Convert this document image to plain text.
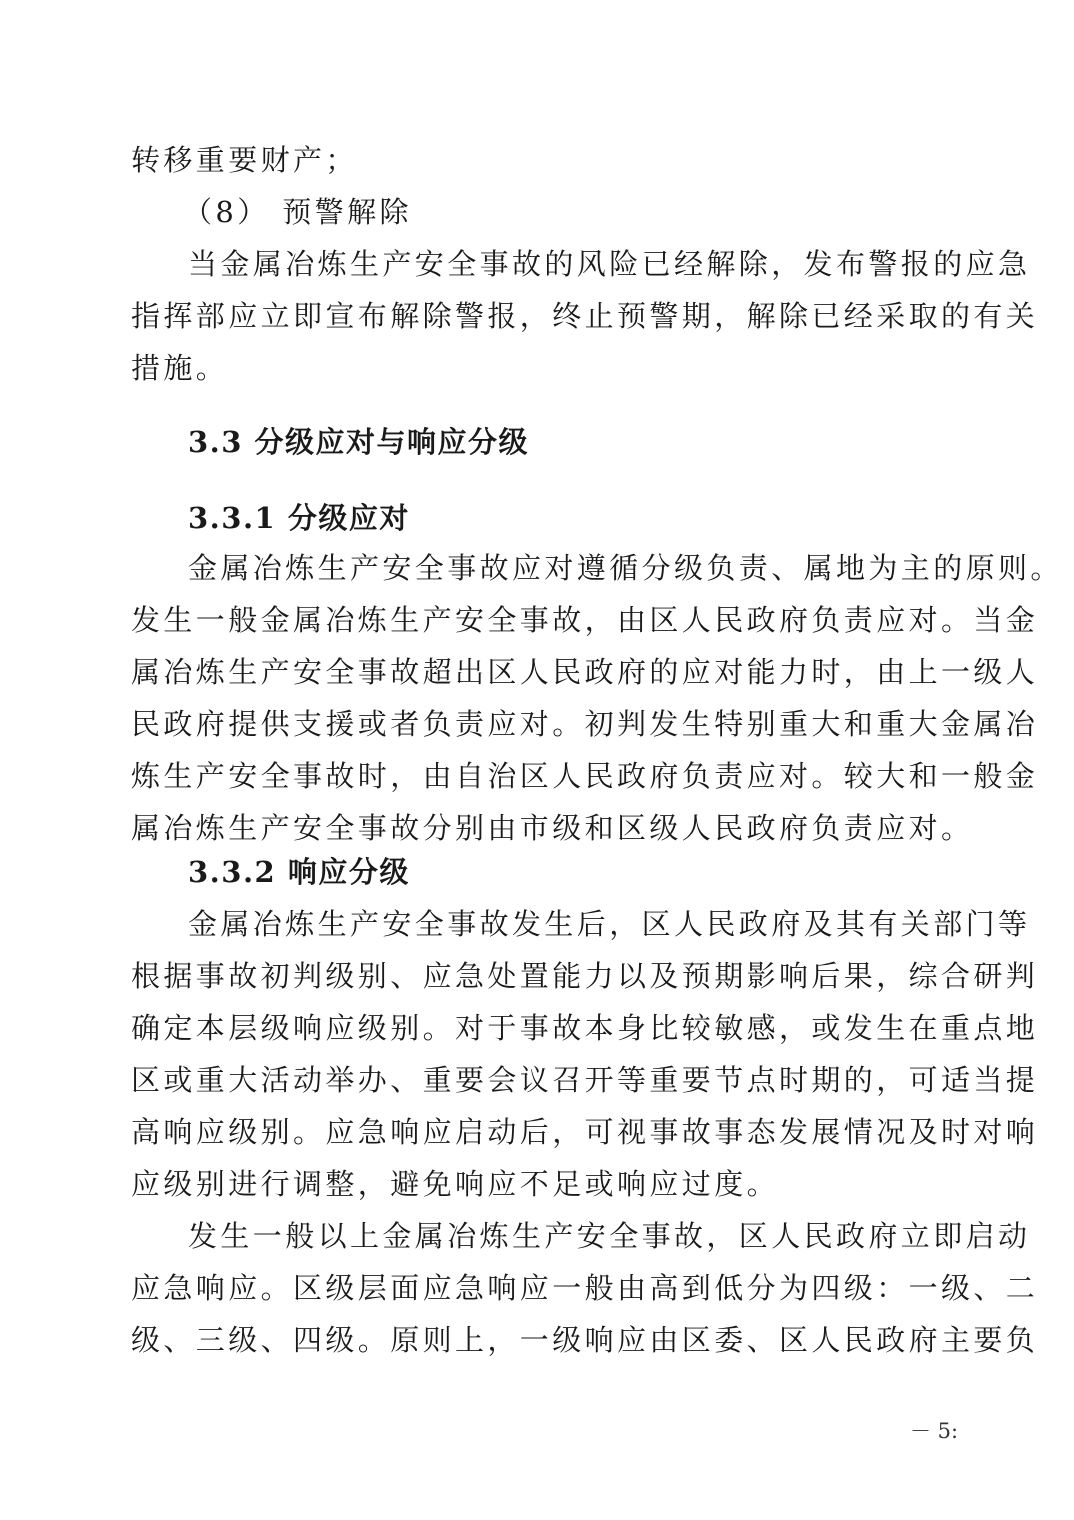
转移重要财产；
（8） 预警解除
当金属冶炼生产安全事故的风险已经解除，发布警报的应急
指挥部应立即宣布解除警报，终止预警期，解除已经采取的有关
措施。
3.3 分级应对与响应分级
3.3.1 分级应对
金属冶炼生产安全事故应对遵循分级负责、属地为主的原则。
发生一般金属冶炼生产安全事故，由区人民政府负责应对。当金
属冶炼生产安全事故超出区人民政府的应对能力时，由上一级人
民政府提供支援或者负责应对。初判发生特别重大和重大金属冶
炼生产安全事故时，由自治区人民政府负责应对。较大和一般金
属冶炼生产安全事故分别由市级和区级人民政府负责应对。
3.3.2 响应分级
金属冶炼生产安全事故发生后，区人民政府及其有关部门等
根据事故初判级别、应急处置能力以及预期影响后果，综合研判
确定本层级响应级别。对于事故本身比较敏感，或发生在重点地
区或重大活动举办、重要会议召开等重要节点时期的，可适当提
高响应级别。应急响应启动后，可视事故事态发展情况及时对响
应级别进行调整，避免响应不足或响应过度。
发生一般以上金属冶炼生产安全事故，区人民政府立即启动
应急响应。区级层面应急响应一般由高到低分为四级：一级、二
级、三级、四级。原则上，一级响应由区委、区人民政府主要负
－ 5:
